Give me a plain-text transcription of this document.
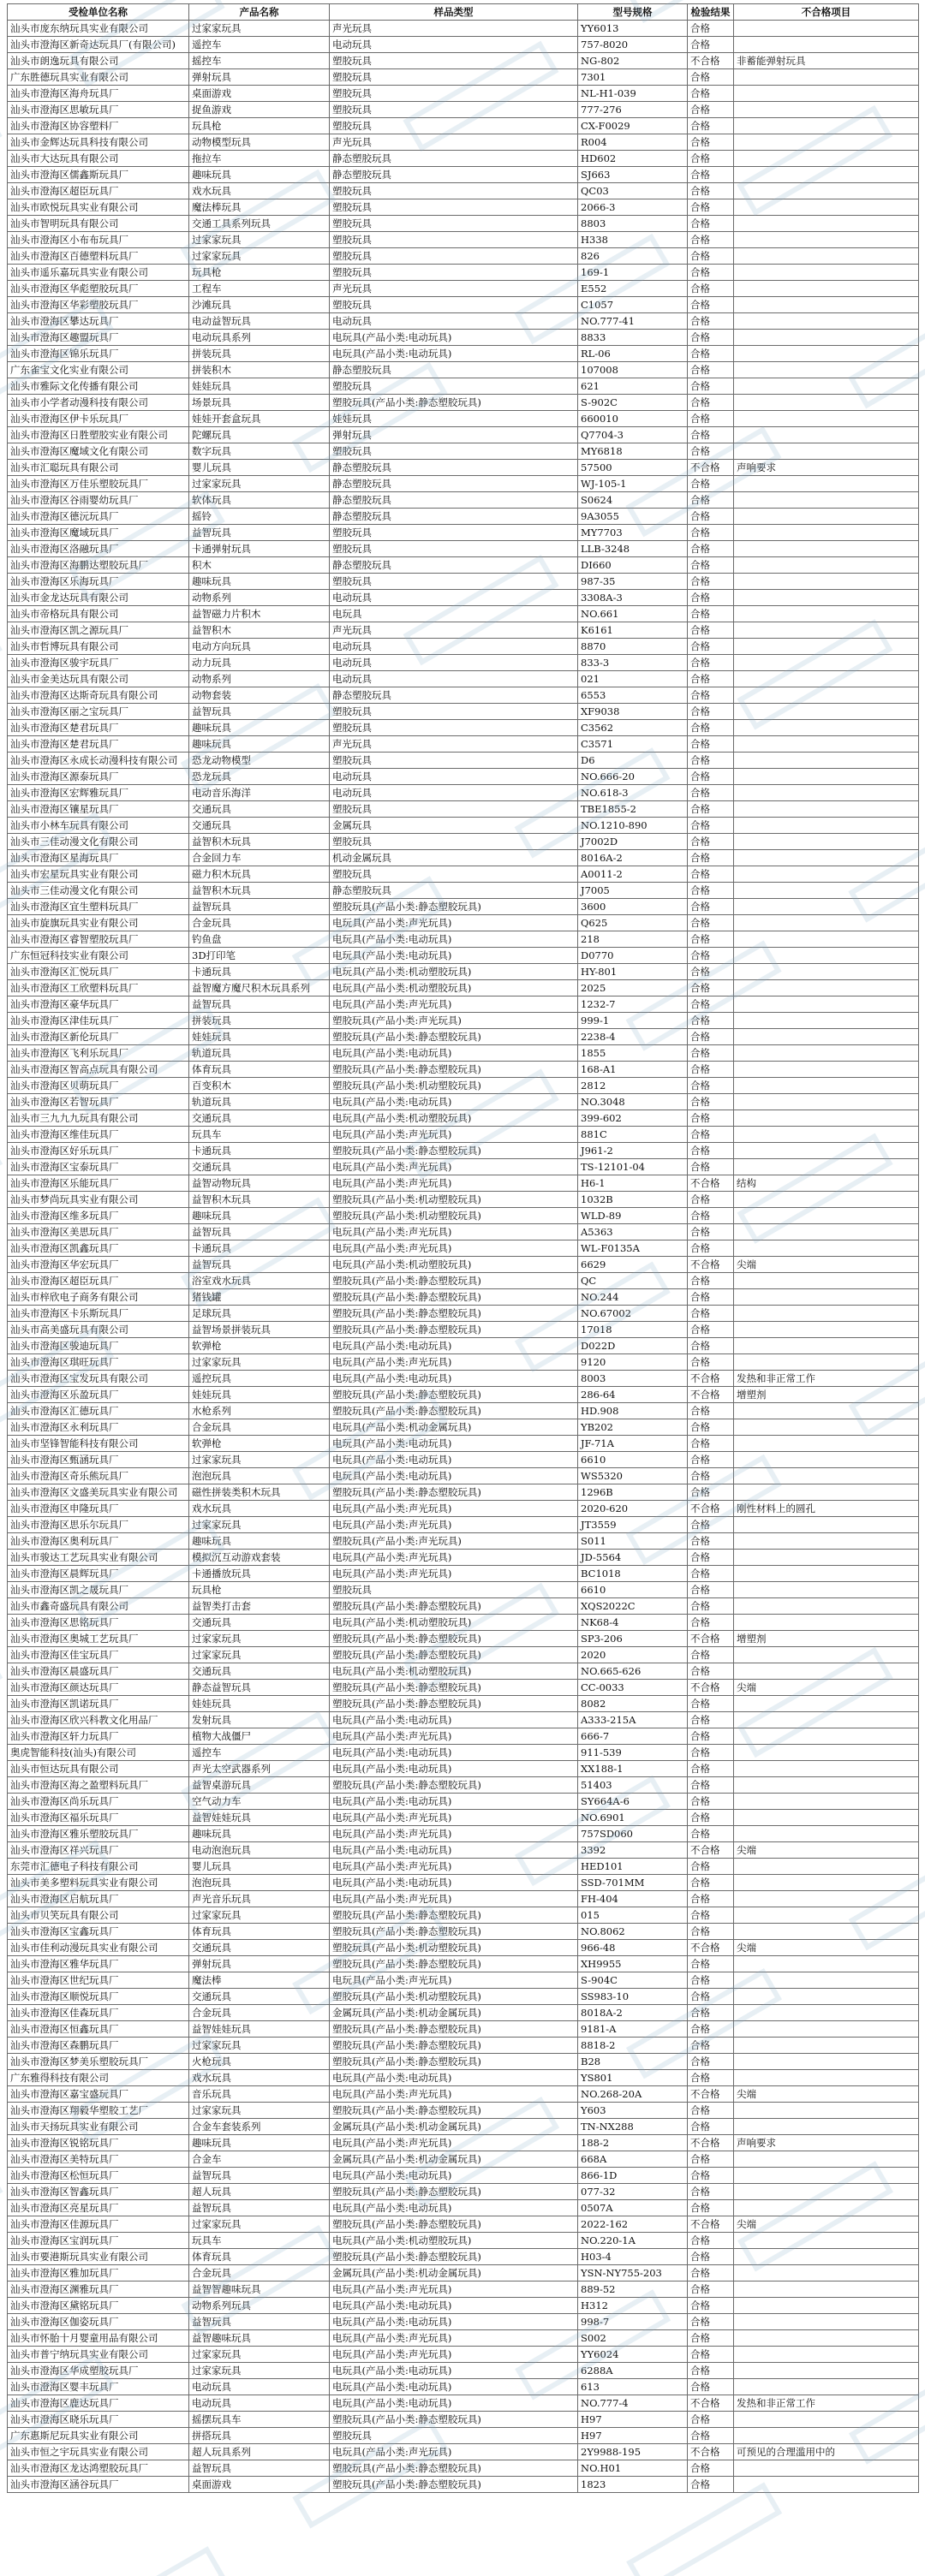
受检单位名称	产品名称	样品类型	型号规格	检验结果	不合格项目
汕头市庞东纳玩具实业有限公司	过家家玩具	声光玩具	YY6013	合格	
汕头市澄海区新奇达玩具厂(有限公司)	遥控车	电动玩具	757-8020	合格	
汕头市朗逸玩具有限公司	摇控车	塑胶玩具	NG-802	不合格	非蓄能弹射玩具
广东胜德玩具实业有限公司	弹射玩具	塑胶玩具	7301	合格	
汕头市澄海区海舟玩具厂	桌面游戏	塑胶玩具	NL-H1-039	合格	
汕头市澄海区思敏玩具厂	捉鱼游戏	塑胶玩具	777-276	合格	
汕头市澄海区协容塑料厂	玩具枪	塑胶玩具	CX-F0029	合格	
汕头市金辉达玩具科技有限公司	动物模型玩具	声光玩具	R004	合格	
汕头市大达玩具有限公司	拖拉车	静态塑胶玩具	HD602	合格	
汕头市澄海区儒鑫斯玩具厂	趣味玩具	静态塑胶玩具	SJ663	合格	
汕头市澄海区超臣玩具厂	戏水玩具	塑胶玩具	QC03	合格	
汕头市欧悦玩具实业有限公司	魔法棒玩具	塑胶玩具	2066-3	合格	
汕头市智明玩具有限公司	交通工具系列玩具	塑胶玩具	8803	合格	
汕头市澄海区小布布玩具厂	过家家玩具	塑胶玩具	H338	合格	
汕头市澄海区百德塑料玩具厂	过家家玩具	塑胶玩具	826	合格	
汕头市遥乐嘉玩具实业有限公司	玩具枪	塑胶玩具	169-1	合格	
汕头市澄海区华彪塑胶玩具厂	工程车	声光玩具	E552	合格	
汕头市澄海区华彩塑胶玩具厂	沙滩玩具	塑胶玩具	C1057	合格	
汕头市澄海区攀达玩具厂	电动益智玩具	电动玩具	NO.777-41	合格	
汕头市澄海区趣盟玩具厂	电动玩具系列	电玩具(产品小类:电动玩具)	8833	合格	
汕头市澄海区锦乐玩具厂	拼装玩具	电玩具(产品小类:电动玩具)	RL-06	合格	
广东雀宝文化实业有限公司	拼装积木	静态塑胶玩具	107008	合格	
汕头市雅际文化传播有限公司	娃娃玩具	塑胶玩具	621	合格	
汕头市小学者动漫科技有限公司	场景玩具	塑胶玩具(产品小类:静态塑胶玩具)	S-902C	合格	
汕头市澄海区伊卡乐玩具厂	娃娃开套盒玩具	娃娃玩具	660010	合格	
汕头市澄海区日胜塑胶实业有限公司	陀螺玩具	弹射玩具	Q7704-3	合格	
汕头市澄海区魔域文化有限公司	数字玩具	塑胶玩具	MY6818	合格	
汕头市汇聪玩具有限公司	婴儿玩具	静态塑胶玩具	57500	不合格	声响要求
汕头市澄海区万佳乐塑胶玩具厂	过家家玩具	静态塑胶玩具	WJ-105-1	合格	
汕头市澄海区谷雨婴幼玩具厂	软体玩具	静态塑胶玩具	S0624	合格	
汕头市澄海区德沅玩具厂	摇铃	静态塑胶玩具	9A3055	合格	
汕头市澄海区魔域玩具厂	益智玩具	塑胶玩具	MY7703	合格	
汕头市澄海区洛融玩具厂	卡通弹射玩具	塑胶玩具	LLB-3248	合格	
汕头市澄海区海鹏达塑胶玩具厂	积木	静态塑胶玩具	DI660	合格	
汕头市澄海区乐海玩具厂	趣味玩具	塑胶玩具	987-35	合格	
汕头市金龙达玩具有限公司	动物系列	电动玩具	3308A-3	合格	
汕头市帝格玩具有限公司	益智磁力片积木	电玩具	NO.661	合格	
汕头市澄海区凯之源玩具厂	益智积木	声光玩具	K6161	合格	
汕头市哲博玩具有限公司	电动方向玩具	电动玩具	8870	合格	
汕头市澄海区骏宇玩具厂	动力玩具	电动玩具	833-3	合格	
汕头市金美达玩具有限公司	动物系列	电动玩具	021	合格	
汕头市澄海区达斯奇玩具有限公司	动物套装	静态塑胶玩具	6553	合格	
汕头市澄海区丽之宝玩具厂	益智玩具	塑胶玩具	XF9038	合格	
汕头市澄海区楚君玩具厂	趣味玩具	塑胶玩具	C3562	合格	
汕头市澄海区楚君玩具厂	趣味玩具	声光玩具	C3571	合格	
汕头市澄海区永成长动漫科技有限公司	恐龙动物模型	塑胶玩具	D6	合格	
汕头市澄海区源泰玩具厂	恐龙玩具	电动玩具	NO.666-20	合格	
汕头市澄海区宏辉雅玩具厂	电动音乐海洋	电动玩具	NO.618-3	合格	
汕头市澄海区镶星玩具厂	交通玩具	塑胶玩具	TBE1855-2	合格	
汕头市小林车玩具有限公司	交通玩具	金属玩具	NO.1210-890	合格	
汕头市三佳动漫文化有限公司	益智积木玩具	塑胶玩具	J7002D	合格	
汕头市澄海区星海玩具厂	合金回力车	机动金属玩具	8016A-2	合格	
汕头市宏星玩具实业有限公司	磁力积木玩具	塑胶玩具	A0011-2	合格	
汕头市三佳动漫文化有限公司	益智积木玩具	静态塑胶玩具	J7005	合格	
汕头市澄海区宜生塑料玩具厂	益智玩具	塑胶玩具(产品小类:静态塑胶玩具)	3600	合格	
汕头市旋旗玩具实业有限公司	合金玩具	电玩具(产品小类:声光玩具)	Q625	合格	
汕头市澄海区睿智塑胶玩具厂	钓鱼盘	电玩具(产品小类:电动玩具)	218	合格	
广东恒冠科技实业有限公司	3D打印笔	电玩具(产品小类:电动玩具)	D0770	合格	
汕头市澄海区汇悦玩具厂	卡通玩具	电玩具(产品小类:机动塑胶玩具)	HY-801	合格	
汕头市澄海区工欣塑料玩具厂	益智魔方魔尺积木玩具系列	电玩具(产品小类:机动塑胶玩具)	2025	合格	
汕头市澄海区豪华玩具厂	益智玩具	电玩具(产品小类:声光玩具)	1232-7	合格	
汕头市澄海区津佳玩具厂	拼装玩具	塑胶玩具(产品小类:声光玩具)	999-1	合格	
汕头市澄海区新伦玩具厂	娃娃玩具	塑胶玩具(产品小类:静态塑胶玩具)	2238-4	合格	
汕头市澄海区飞利乐玩具厂	轨道玩具	电玩具(产品小类:电动玩具)	1855	合格	
汕头市澄海区智高点玩具有限公司	体育玩具	塑胶玩具(产品小类:静态塑胶玩具)	168-A1	合格	
汕头市澄海区贝萌玩具厂	百变积木	塑胶玩具(产品小类:机动塑胶玩具)	2812	合格	
汕头市澄海区若智玩具厂	轨道玩具	电玩具(产品小类:电动玩具)	NO.3048	合格	
汕头市三九九九玩具有限公司	交通玩具	电玩具(产品小类:机动塑胶玩具)	399-602	合格	
汕头市澄海区维佳玩具厂	玩具车	电玩具(产品小类:声光玩具)	881C	合格	
汕头市澄海区好乐玩具厂	卡通玩具	塑胶玩具(产品小类:静态塑胶玩具)	J961-2	合格	
汕头市澄海区宝泰玩具厂	交通玩具	电玩具(产品小类:声光玩具)	TS-12101-04	合格	
汕头市澄海区乐能玩具厂	益智动物玩具	电玩具(产品小类:声光玩具)	H6-1	不合格	结构
汕头市梦尚玩具实业有限公司	益智积木玩具	塑胶玩具(产品小类:机动塑胶玩具)	1032B	合格	
汕头市澄海区维多玩具厂	趣味玩具	塑胶玩具(产品小类:机动塑胶玩具)	WLD-89	合格	
汕头市澄海区美思玩具厂	益智玩具	电玩具(产品小类:声光玩具)	A5363	合格	
汕头市澄海区凯鑫玩具厂	卡通玩具	电玩具(产品小类:声光玩具)	WL-F0135A	合格	
汕头市澄海区华宏玩具厂	益智玩具	电玩具(产品小类:机动塑胶玩具)	6629	不合格	尖端
汕头市澄海区超臣玩具厂	浴室戏水玩具	塑胶玩具(产品小类:静态塑胶玩具)	QC	合格	
汕头市梓欣电子商务有限公司	猪钱罐	塑胶玩具(产品小类:静态塑胶玩具)	NO.244	合格	
汕头市澄海区卡乐斯玩具厂	足球玩具	塑胶玩具(产品小类:静态塑胶玩具)	NO.67002	合格	
汕头市高美盛玩具有限公司	益智场景拼装玩具	塑胶玩具(产品小类:静态塑胶玩具)	17018	合格	
汕头市澄海区骏迪玩具厂	软弹枪	电玩具(产品小类:电动玩具)	D022D	合格	
汕头市澄海区琪旺玩具厂	过家家玩具	电玩具(产品小类:声光玩具)	9120	合格	
汕头市澄海区宝发玩具有限公司	遥控玩具	电玩具(产品小类:电动玩具)	8003	不合格	发热和非正常工作
汕头市澄海区乐盈玩具厂	娃娃玩具	塑胶玩具(产品小类:静态塑胶玩具)	286-64	不合格	增塑剂
汕头市澄海区汇德玩具厂	水枪系列	塑胶玩具(产品小类:静态塑胶玩具)	HD.908	合格	
汕头市澄海区永利玩具厂	合金玩具	电玩具(产品小类:机动金属玩具)	YB202	合格	
汕头市坚锋智能科技有限公司	软弹枪	电玩具(产品小类:电动玩具)	JF-71A	合格	
汕头市澄海区甄涵玩具厂	过家家玩具	电玩具(产品小类:电动玩具)	6610	合格	
汕头市澄海区奇乐熊玩具厂	泡泡玩具	电玩具(产品小类:电动玩具)	WS5320	合格	
汕头市澄海区文盛美玩具实业有限公司	磁性拼装类积木玩具	塑胶玩具(产品小类:静态塑胶玩具)	1296B	合格	
汕头市澄海区申隆玩具厂	戏水玩具	电玩具(产品小类:声光玩具)	2020-620	不合格	刚性材料上的圆孔
汕头市澄海区思乐尔玩具厂	过家家玩具	电玩具(产品小类:声光玩具)	JT3559	合格	
汕头市澄海区奥利玩具厂	趣味玩具	塑胶玩具(产品小类:声光玩具)	S011	合格	
汕头市骏达工艺玩具实业有限公司	模拟沉互动游戏套装	电玩具(产品小类:声光玩具)	JD-5564	合格	
汕头市澄海区晨辉玩具厂	卡通播放玩具	电玩具(产品小类:声光玩具)	BC1018	合格	
汕头市澄海区凯之晟玩具厂	玩具枪	塑胶玩具	6610	合格	
汕头市鑫奇盛玩具有限公司	益智类打击套	塑胶玩具(产品小类:静态塑胶玩具)	XQS2022C	合格	
汕头市澄海区思铭玩具厂	交通玩具	电玩具(产品小类:机动塑胶玩具)	NK68-4	合格	
汕头市澄海区奥城工艺玩具厂	过家家玩具	塑胶玩具(产品小类:静态塑胶玩具)	SP3-206	不合格	增塑剂
汕头市澄海区佳宝玩具厂	过家家玩具	塑胶玩具(产品小类:静态塑胶玩具)	2020	合格	
汕头市澄海区晨盛玩具厂	交通玩具	电玩具(产品小类:机动塑胶玩具)	NO.665-626	合格	
汕头市澄海区颜达玩具厂	静态益智玩具	塑胶玩具(产品小类:静态塑胶玩具)	CC-0033	不合格	尖端
汕头市澄海区凯诺玩具厂	娃娃玩具	塑胶玩具(产品小类:静态塑胶玩具)	8082	合格	
汕头市澄海区欣兴科教文化用品厂	发射玩具	电玩具(产品小类:电动玩具)	A333-215A	合格	
汕头市澄海区轩力玩具厂	植物大战僵尸	电玩具(产品小类:声光玩具)	666-7	合格	
奥虎智能科技(汕头)有限公司	遥控车	电玩具(产品小类:电动玩具)	911-539	合格	
汕头市恒达玩具有限公司	声光太空武器系列	电玩具(产品小类:电动玩具)	XX188-1	合格	
汕头市澄海区海之盈塑料玩具厂	益智桌游玩具	塑胶玩具(产品小类:静态塑胶玩具)	51403	合格	
汕头市澄海区尚乐玩具厂	空气动力车	电玩具(产品小类:电动玩具)	SY664A-6	合格	
汕头市澄海区福乐玩具厂	益智娃娃玩具	电玩具(产品小类:声光玩具)	NO.6901	合格	
汕头市澄海区雅乐塑胶玩具厂	趣味玩具	电玩具(产品小类:声光玩具)	757SD060	合格	
汕头市澄海区祥兴玩具厂	电动泡泡玩具	电玩具(产品小类:电动玩具)	3392	不合格	尖端
东莞市汇德电子科技有限公司	婴儿玩具	电玩具(产品小类:声光玩具)	HED101	合格	
汕头市美多塑料玩具实业有限公司	泡泡玩具	电玩具(产品小类:电动玩具)	SSD-701MM	合格	
汕头市澄海区启航玩具厂	声光音乐玩具	电玩具(产品小类:声光玩具)	FH-404	合格	
汕头市贝笑玩具有限公司	过家家玩具	塑胶玩具(产品小类:静态塑胶玩具)	015	合格	
汕头市澄海区宝鑫玩具厂	体育玩具	塑胶玩具(产品小类:静态塑胶玩具)	NO.8062	合格	
汕头市佳利动漫玩具实业有限公司	交通玩具	塑胶玩具(产品小类:机动塑胶玩具)	966-48	不合格	尖端
汕头市澄海区雅华玩具厂	弹射玩具	塑胶玩具(产品小类:静态塑胶玩具)	XH9955	合格	
汕头市澄海区世纪玩具厂	魔法棒	电玩具(产品小类:声光玩具)	S-904C	合格	
汕头市澄海区顺悦玩具厂	交通玩具	塑胶玩具(产品小类:机动塑胶玩具)	SS983-10	合格	
汕头市澄海区佳森玩具厂	合金玩具	金属玩具(产品小类:机动金属玩具)	8018A-2	合格	
汕头市澄海区恒鑫玩具厂	益智娃娃玩具	塑胶玩具(产品小类:静态塑胶玩具)	9181-A	合格	
汕头市澄海区森鹏玩具厂	过家家玩具	塑胶玩具(产品小类:静态塑胶玩具)	8818-2	合格	
汕头市澄海区梦美乐塑胶玩具厂	火枪玩具	塑胶玩具(产品小类:静态塑胶玩具)	B28	合格	
广东雅得科技有限公司	戏水玩具	电玩具(产品小类:电动玩具)	YS801	合格	
汕头市澄海区嘉宝盛玩具厂	音乐玩具	电玩具(产品小类:声光玩具)	NO.268-20A	不合格	尖端
汕头市澄海区翔毅华塑胶工艺厂	过家家玩具	塑胶玩具(产品小类:静态塑胶玩具)	Y603	合格	
汕头市天扬玩具实业有限公司	合金车套装系列	金属玩具(产品小类:机动金属玩具)	TN-NX288	合格	
汕头市澄海区锐铭玩具厂	趣味玩具	电玩具(产品小类:声光玩具)	188-2	不合格	声响要求
汕头市澄海区美特玩具厂	合金车	金属玩具(产品小类:机动金属玩具)	668A	合格	
汕头市澄海区松恒玩具厂	益智玩具	电玩具(产品小类:电动玩具)	866-1D	合格	
汕头市澄海区智鑫玩具厂	超人玩具	塑胶玩具(产品小类:静态塑胶玩具)	077-32	合格	
汕头市澄海区亮星玩具厂	益智玩具	电玩具(产品小类:电动玩具)	0507A	合格	
汕头市澄海区佳源玩具厂	过家家玩具	塑胶玩具(产品小类:静态塑胶玩具)	2022-162	不合格	尖端
汕头市澄海区宝润玩具厂	玩具车	电玩具(产品小类:机动塑胶玩具)	NO.220-1A	合格	
汕头市要港斯玩具实业有限公司	体育玩具	塑胶玩具(产品小类:静态塑胶玩具)	H03-4	合格	
汕头市澄海区雅加玩具厂	合金玩具	金属玩具(产品小类:机动金属玩具)	YSN-NY755-203	合格	
汕头市澄海区渊雅玩具厂	益智智趣味玩具	电玩具(产品小类:声光玩具)	889-52	合格	
汕头市澄海区黛铭玩具厂	动物系列玩具	电玩具(产品小类:电动玩具)	H312	合格	
汕头市澄海区伽姿玩具厂	益智玩具	电玩具(产品小类:电动玩具)	998-7	合格	
汕头市怀胎十月婴童用品有限公司	益智趣味玩具	电玩具(产品小类:声光玩具)	S002	合格	
汕头市普宁纳玩具实业有限公司	过家家玩具	电玩具(产品小类:声光玩具)	YY6024	合格	
汕头市澄海区华成塑胶玩具厂	过家家玩具	电玩具(产品小类:电动玩具)	6288A	合格	
汕头市澄海区婴丰玩具厂	电动玩具	电玩具(产品小类:电动玩具)	613	合格	
汕头市澄海区鹿达玩具厂	电动玩具	电玩具(产品小类:电动玩具)	NO.777-4	不合格	发热和非正常工作
汕头市澄海区晓乐玩具厂	摇摆玩具车	塑胶玩具(产品小类:静态塑胶玩具)	H97	合格	
广东惠斯尼玩具实业有限公司	拼搭玩具	塑胶玩具	H97	合格	
汕头市恒之宇玩具实业有限公司	超人玩具系列	电玩具(产品小类:声光玩具)	2Y9988-195	不合格	可预见的合理滥用中的
汕头市澄海区龙达鸿塑胶玩具厂	益智玩具	塑胶玩具(产品小类:静态塑胶玩具)	NO.H01	合格	
汕头市澄海区涵谷玩具厂	桌面游戏	塑胶玩具(产品小类:静态塑胶玩具)	1823	合格	
